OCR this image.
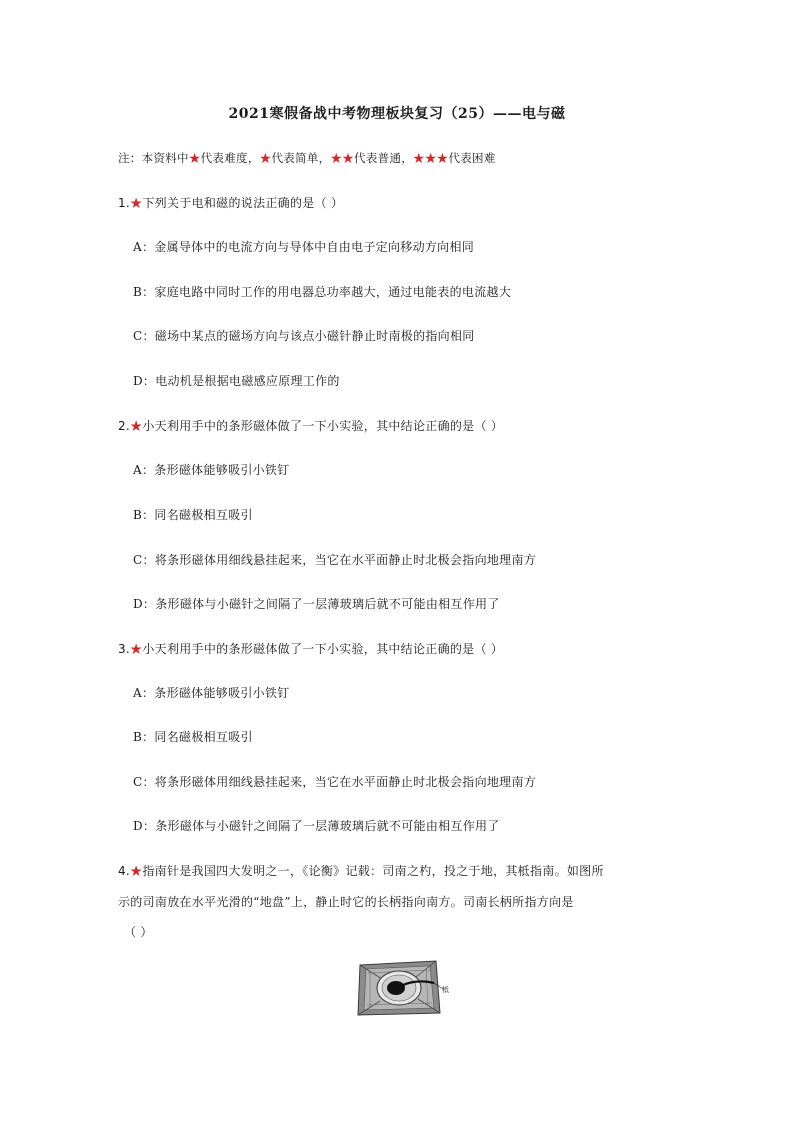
2021寒假备战中考物理板块复习（25）——电与磁
注：本资料中★代表难度，★代表简单，★★代表普通，★★★代表困难
1.★下列关于电和磁的说法正确的是（ ）
A：金属导体中的电流方向与导体中自由电子定向移动方向相同
B：家庭电路中同时工作的用电器总功率越大，通过电能表的电流越大
C：磁场中某点的磁场方向与该点小磁针静止时南极的指向相同
D：电动机是根据电磁感应原理工作的
2.★小天利用手中的条形磁体做了一下小实验，其中结论正确的是（ ）
A：条形磁体能够吸引小铁钉
B：同名磁极相互吸引
C：将条形磁体用细线悬挂起来，当它在水平面静止时北极会指向地理南方
D：条形磁体与小磁针之间隔了一层薄玻璃后就不可能由相互作用了
3.★小天利用手中的条形磁体做了一下小实验，其中结论正确的是（ ）
A：条形磁体能够吸引小铁钉
B：同名磁极相互吸引
C：将条形磁体用细线悬挂起来，当它在水平面静止时北极会指向地理南方
D：条形磁体与小磁针之间隔了一层薄玻璃后就不可能由相互作用了
4.★指南针是我国四大发明之一，《论衡》记载：司南之杓，投之于地，其柢指南。如图所
示的司南放在水平光滑的“地盘”上，静止时它的长柄指向南方。司南长柄所指方向是
（ ）
柢
